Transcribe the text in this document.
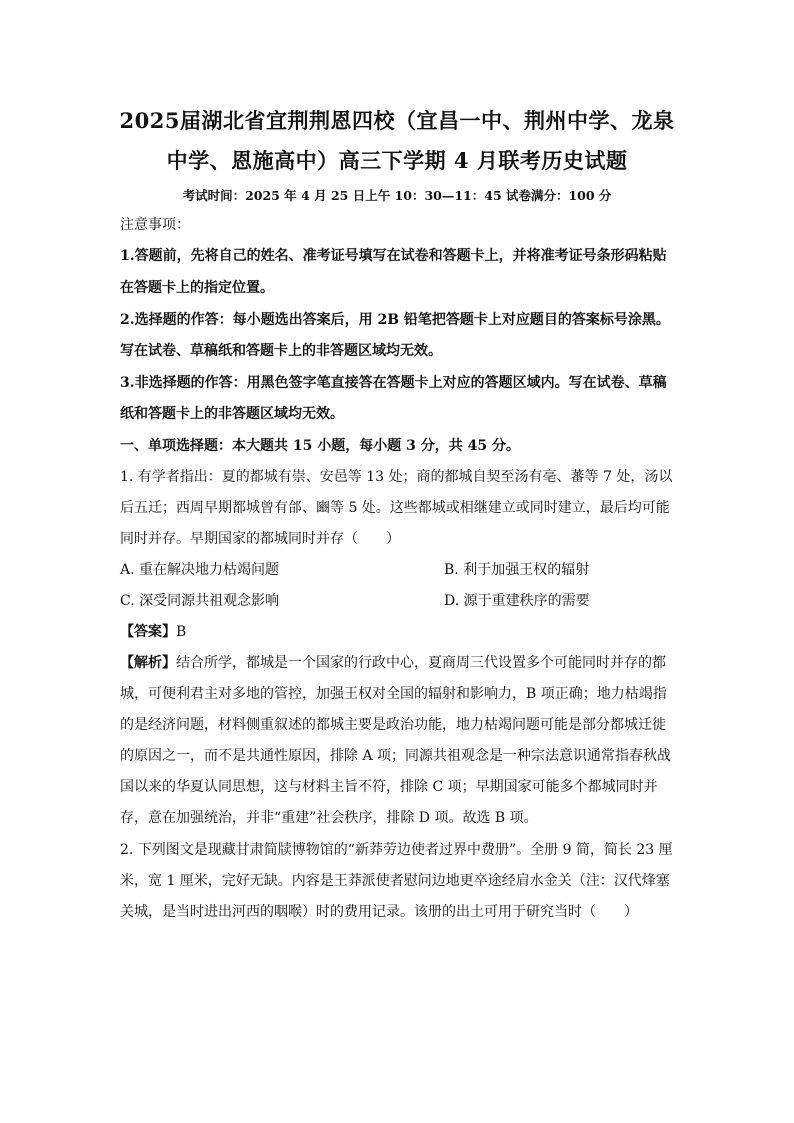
2025届湖北省宜荆荆恩四校（宜昌一中、荆州中学、龙泉
中学、恩施高中）高三下学期 4 月联考历史试题
考试时间：2025 年 4 月 25 日上午 10：30—11：45 试卷满分：100 分
注意事项：
1.答题前，先将自己的姓名、准考证号填写在试卷和答题卡上，并将准考证号条形码粘贴
在答题卡上的指定位置。
2.选择题的作答：每小题选出答案后，用 2B 铅笔把答题卡上对应题目的答案标号涂黑。
写在试卷、草稿纸和答题卡上的非答题区域均无效。
3.非选择题的作答：用黑色签字笔直接答在答题卡上对应的答题区域内。写在试卷、草稿
纸和答题卡上的非答题区域均无效。
一、单项选择题：本大题共 15 小题，每小题 3 分，共 45 分。
1. 有学者指出：夏的都城有崇、安邑等 13 处；商的都城自契至汤有亳、蕃等 7 处，汤以
后五迁；西周早期都城曾有郃、豳等 5 处。这些都城或相继建立或同时建立，最后均可能
同时并存。早期国家的都城同时并存（　　）
A. 重在解决地力枯竭问题	B. 利于加强王权的辐射
C. 深受同源共祖观念影响	D. 源于重建秩序的需要
【答案】B
【解析】结合所学，都城是一个国家的行政中心，夏商周三代设置多个可能同时并存的都
城，可便利君主对多地的管控，加强王权对全国的辐射和影响力，B 项正确；地力枯竭指
的是经济问题，材料侧重叙述的都城主要是政治功能，地力枯竭问题可能是部分都城迁徙
的原因之一，而不是共通性原因，排除 A 项；同源共祖观念是一种宗法意识通常指春秋战
国以来的华夏认同思想，这与材料主旨不符，排除 C 项；早期国家可能多个都城同时并
存，意在加强统治，并非“重建”社会秩序，排除 D 项。故选 B 项。
2. 下列图文是现藏甘肃简牍博物馆的“新莽劳边使者过界中费册”。全册 9 简，简长 23 厘
米，宽 1 厘米，完好无缺。内容是王莽派使者慰问边地更卒途经肩水金关（注：汉代烽塞
关城，是当时进出河西的咽喉）时的费用记录。该册的出土可用于研究当时（　　）
